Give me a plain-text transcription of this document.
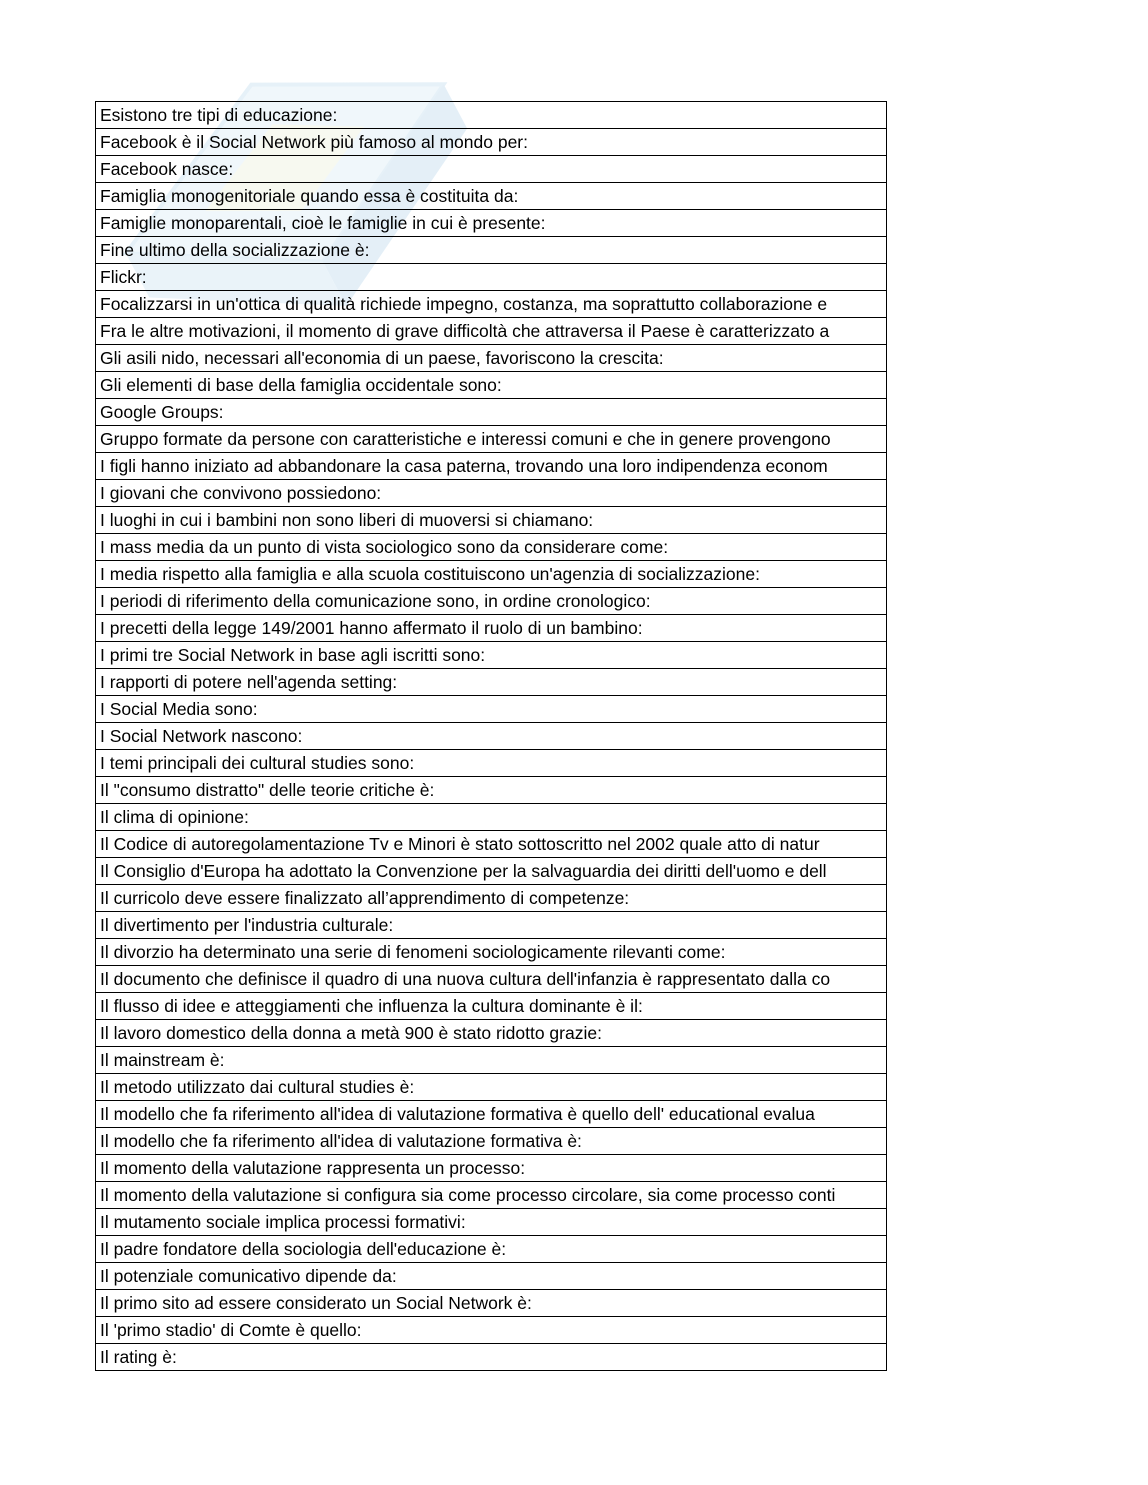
Esistono tre tipi di educazione:
Facebook è il Social Network più famoso al mondo per:
Facebook nasce:
Famiglia monogenitoriale quando essa è costituita da:
Famiglie monoparentali, cioè le famiglie in cui è presente:
Fine ultimo della socializzazione è:
Flickr:
Focalizzarsi in un'ottica di qualità richiede impegno, costanza, ma soprattutto collaborazione e
Fra le altre motivazioni, il momento di grave difficoltà che attraversa il Paese è caratterizzato a
Gli asili nido, necessari all'economia di un paese, favoriscono la crescita:
Gli elementi di base della famiglia occidentale sono:
Google Groups:
Gruppo formate da persone con caratteristiche e interessi comuni e che in genere provengono
I figli hanno iniziato ad abbandonare la casa paterna, trovando una loro indipendenza econom
I giovani che convivono possiedono:
I luoghi in cui i bambini non sono liberi di muoversi si chiamano:
I mass media da un punto di vista sociologico sono da considerare come:
I media rispetto alla famiglia e alla scuola costituiscono un'agenzia di socializzazione:
I periodi di riferimento della comunicazione sono, in ordine cronologico:
I precetti della legge 149/2001 hanno affermato il ruolo di un bambino:
I primi tre Social Network in base agli iscritti sono:
I rapporti di potere nell'agenda setting:
I Social Media sono:
I Social Network nascono:
I temi principali dei cultural studies sono:
Il "consumo distratto" delle teorie critiche è:
Il clima di opinione:
Il Codice di autoregolamentazione Tv e Minori è stato sottoscritto nel 2002 quale atto di natur
Il Consiglio d'Europa ha adottato la Convenzione per la salvaguardia dei diritti dell'uomo e dell
Il curricolo deve essere finalizzato all’apprendimento di competenze:
Il divertimento per l'industria culturale:
Il divorzio ha determinato una serie di fenomeni sociologicamente rilevanti come:
Il documento che definisce il quadro di una nuova cultura dell'infanzia è rappresentato dalla co
Il flusso di idee e atteggiamenti che influenza la cultura dominante è il:
Il lavoro domestico della donna a metà 900 è stato ridotto grazie:
Il mainstream è:
Il metodo utilizzato dai cultural studies è:
Il modello che fa riferimento all'idea di valutazione formativa è quello dell' educational evalua
Il modello che fa riferimento all'idea di valutazione formativa è:
Il momento della valutazione rappresenta un processo:
Il momento della valutazione si configura sia come processo circolare, sia come processo conti
Il mutamento sociale implica processi formativi:
Il padre fondatore della sociologia dell'educazione è:
Il potenziale comunicativo dipende da:
Il primo sito ad essere considerato un Social Network è:
Il 'primo stadio' di Comte è quello:
Il rating è:
